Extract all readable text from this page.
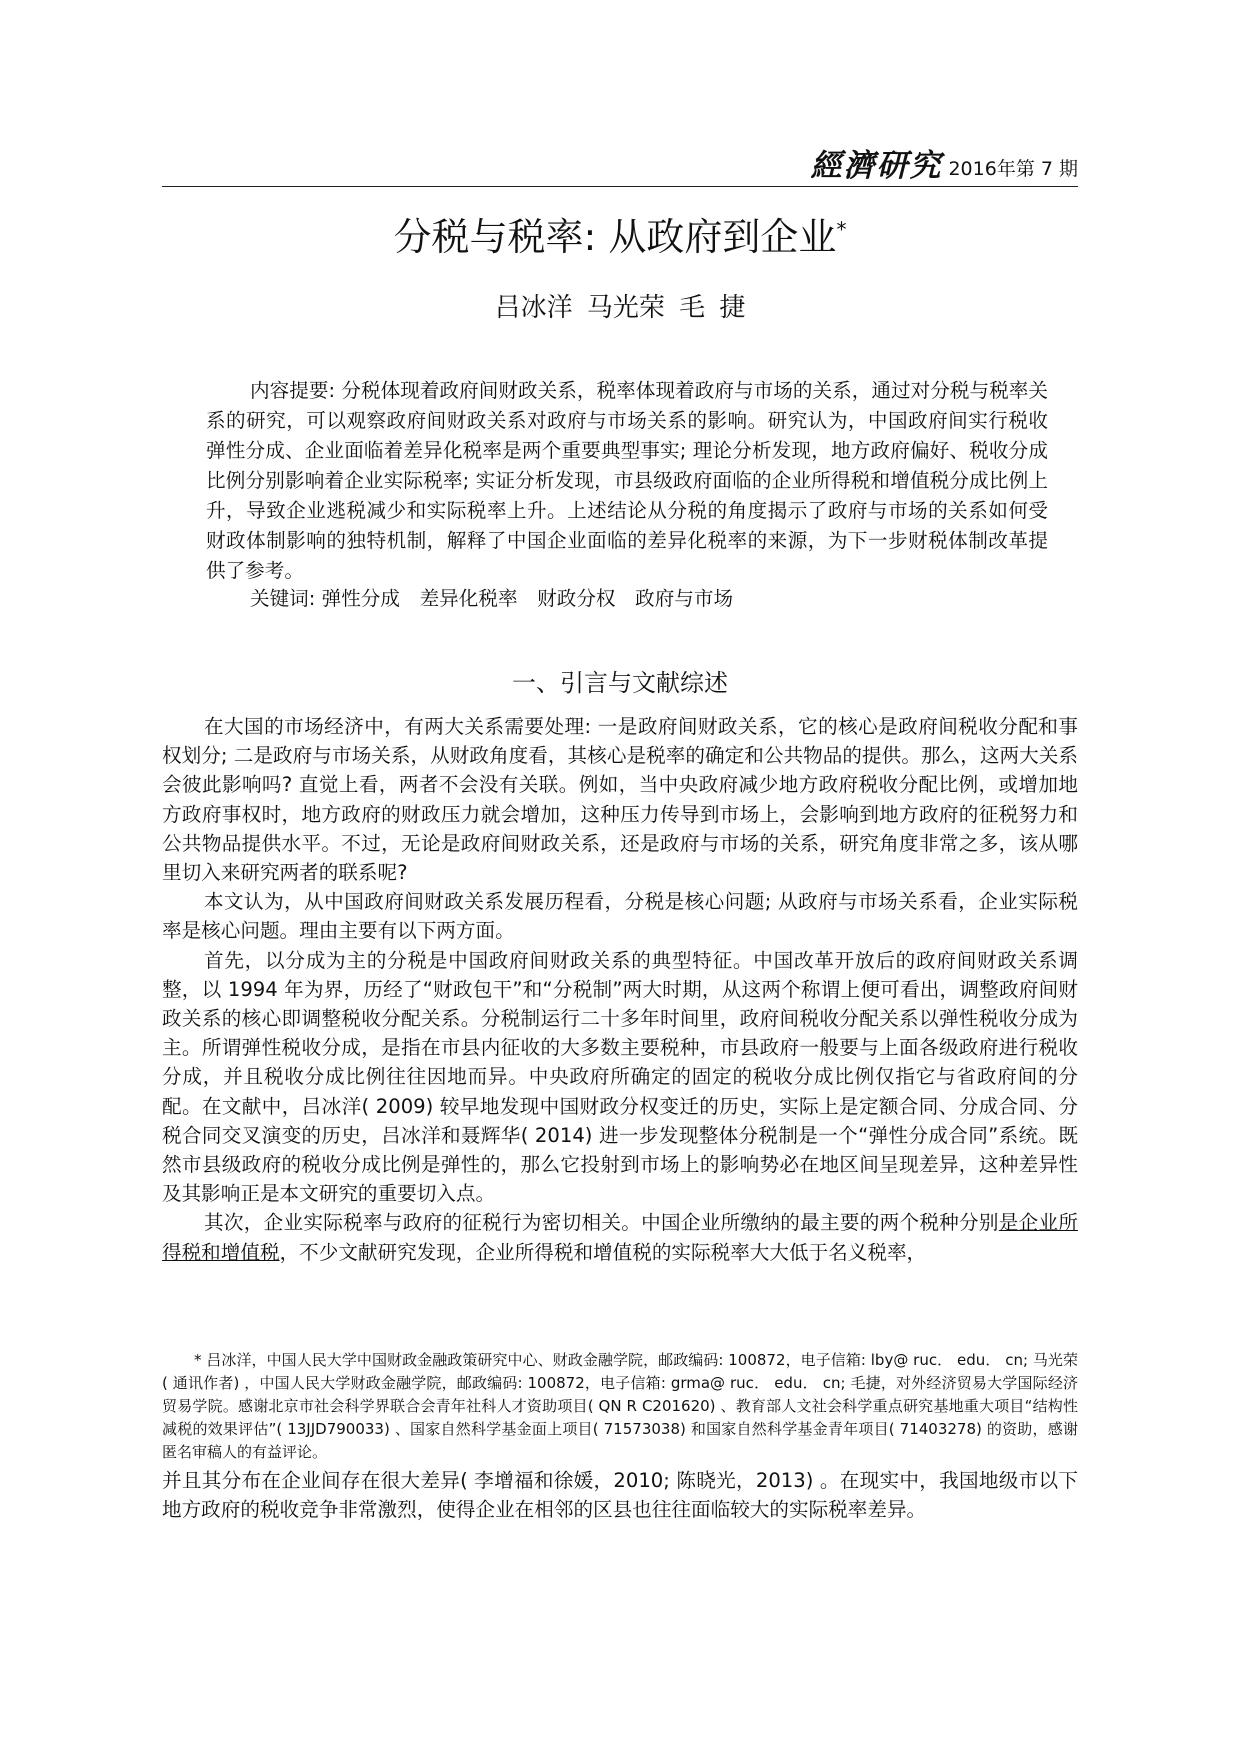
經濟研究 2016年第 7 期
分税与税率: 从政府到企业*
吕冰洋 马光荣 毛 捷

内容提要: 分税体现着政府间财政关系，税率体现着政府与市场的关系，通过对分税与税率关系的研究，可以观察政府间财政关系对政府与市场关系的影响。研究认为，中国政府间实行税收弹性分成、企业面临着差异化税率是两个重要典型事实; 理论分析发现，地方政府偏好、税收分成比例分别影响着企业实际税率; 实证分析发现，市县级政府面临的企业所得税和增值税分成比例上升，导致企业逃税减少和实际税率上升。上述结论从分税的角度揭示了政府与市场的关系如何受财政体制影响的独特机制，解释了中国企业面临的差异化税率的来源，为下一步财税体制改革提供了参考。

关键词: 弹性分成　差异化税率　财政分权　政府与市场

一、引言与文献综述

在大国的市场经济中，有两大关系需要处理: 一是政府间财政关系，它的核心是政府间税收分配和事权划分; 二是政府与市场关系，从财政角度看，其核心是税率的确定和公共物品的提供。那么，这两大关系会彼此影响吗? 直觉上看，两者不会没有关联。例如，当中央政府减少地方政府税收分配比例，或增加地方政府事权时，地方政府的财政压力就会增加，这种压力传导到市场上，会影响到地方政府的征税努力和公共物品提供水平。不过，无论是政府间财政关系，还是政府与市场的关系，研究角度非常之多，该从哪里切入来研究两者的联系呢?

本文认为，从中国政府间财政关系发展历程看，分税是核心问题; 从政府与市场关系看，企业实际税率是核心问题。理由主要有以下两方面。

首先，以分成为主的分税是中国政府间财政关系的典型特征。中国改革开放后的政府间财政关系调整，以 1994 年为界，历经了“财政包干”和“分税制”两大时期，从这两个称谓上便可看出，调整政府间财政关系的核心即调整税收分配关系。分税制运行二十多年时间里，政府间税收分配关系以弹性税收分成为主。所谓弹性税收分成，是指在市县内征收的大多数主要税种，市县政府一般要与上面各级政府进行税收分成，并且税收分成比例往往因地而异。中央政府所确定的固定的税收分成比例仅指它与省政府间的分配。在文献中，吕冰洋( 2009) 较早地发现中国财政分权变迁的历史，实际上是定额合同、分成合同、分税合同交叉演变的历史，吕冰洋和聂辉华( 2014) 进一步发现整体分税制是一个“弹性分成合同”系统。既然市县级政府的税收分成比例是弹性的，那么它投射到市场上的影响势必在地区间呈现差异，这种差异性及其影响正是本文研究的重要切入点。

其次，企业实际税率与政府的征税行为密切相关。中国企业所缴纳的最主要的两个税种分别是企业所得税和增值税，不少文献研究发现，企业所得税和增值税的实际税率大大低于名义税率，

* 吕冰洋，中国人民大学中国财政金融政策研究中心、财政金融学院，邮政编码: 100872，电子信箱: lby@ ruc． edu． cn; 马光荣 ( 通讯作者) ，中国人民大学财政金融学院，邮政编码: 100872，电子信箱: grma@ ruc． edu． cn; 毛捷，对外经济贸易大学国际经济贸易学院。感谢北京市社会科学界联合会青年社科人才资助项目( QN R C201620) 、教育部人文社会科学重点研究基地重大项目“结构性减税的效果评估”( 13JJD790033) 、国家自然科学基金面上项目( 71573038) 和国家自然科学基金青年项目( 71403278) 的资助，感谢匿名审稿人的有益评论。

并且其分布在企业间存在很大差异( 李增福和徐媛，2010; 陈晓光，2013) 。在现实中，我国地级市以下地方政府的税收竞争非常激烈，使得企业在相邻的区县也往往面临较大的实际税率差异。
